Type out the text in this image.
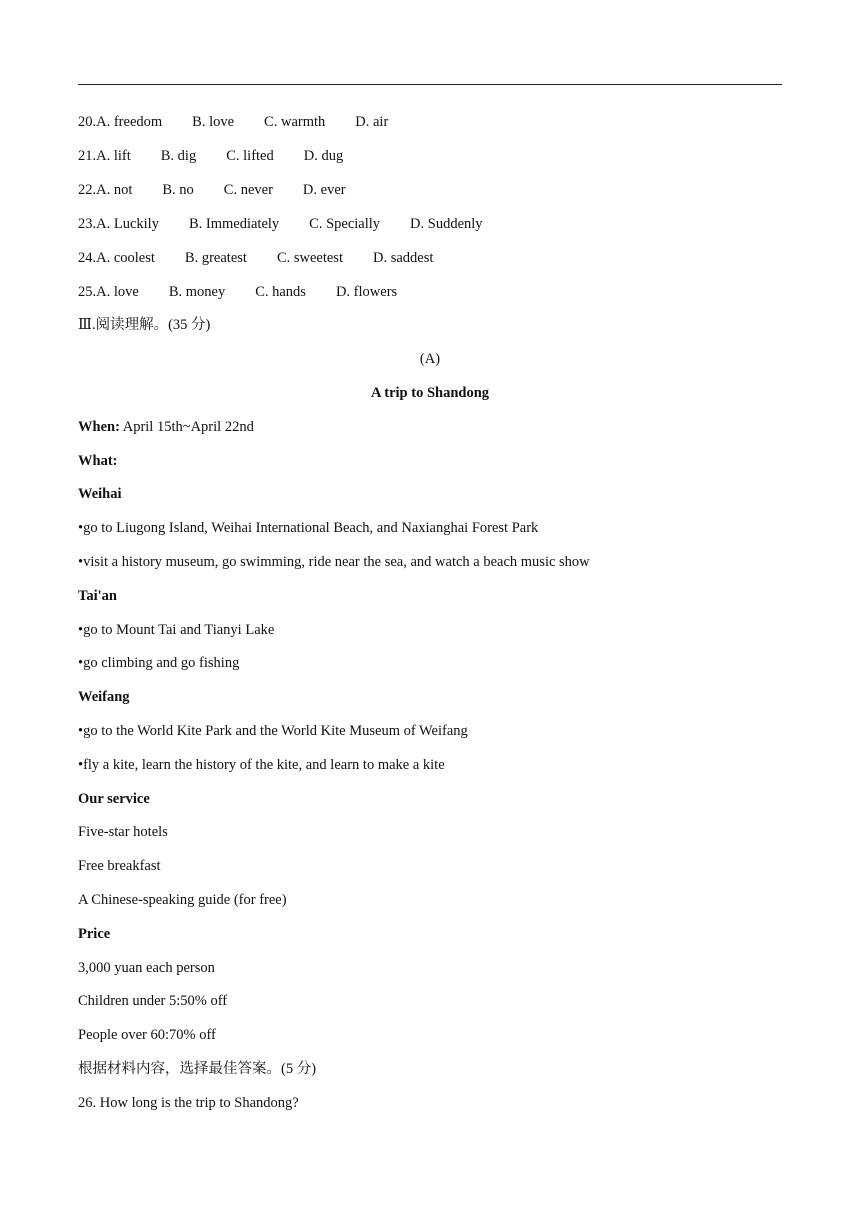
20.A. freedom B. love C. warmth D. air
21.A. lift B. dig C. lifted D. dug
22.A. not B. no C. never D. ever
23.A. Luckily B. Immediately C. Specially D. Suddenly
24.A. coolest B. greatest C. sweetest D. saddest
25.A. love B. money C. hands D. flowers
Ⅲ.阅读理解。(35 分)
(A)
A trip to Shandong
When: April 15th~April 22nd
What:
Weihai
•go to Liugong Island, Weihai International Beach, and Naxianghai Forest Park
•visit a history museum, go swimming, ride near the sea, and watch a beach music show
Tai'an
•go to Mount Tai and Tianyi Lake
•go climbing and go fishing
Weifang
•go to the World Kite Park and the World Kite Museum of Weifang
•fly a kite, learn the history of the kite, and learn to make a kite
Our service
Five-star hotels
Free breakfast
A Chinese-speaking guide (for free)
Price
3,000 yuan each person
Children under 5:50% off
People over 60:70% off
根据材料内容，选择最佳答案。(5 分)
26. How long is the trip to Shandong?
